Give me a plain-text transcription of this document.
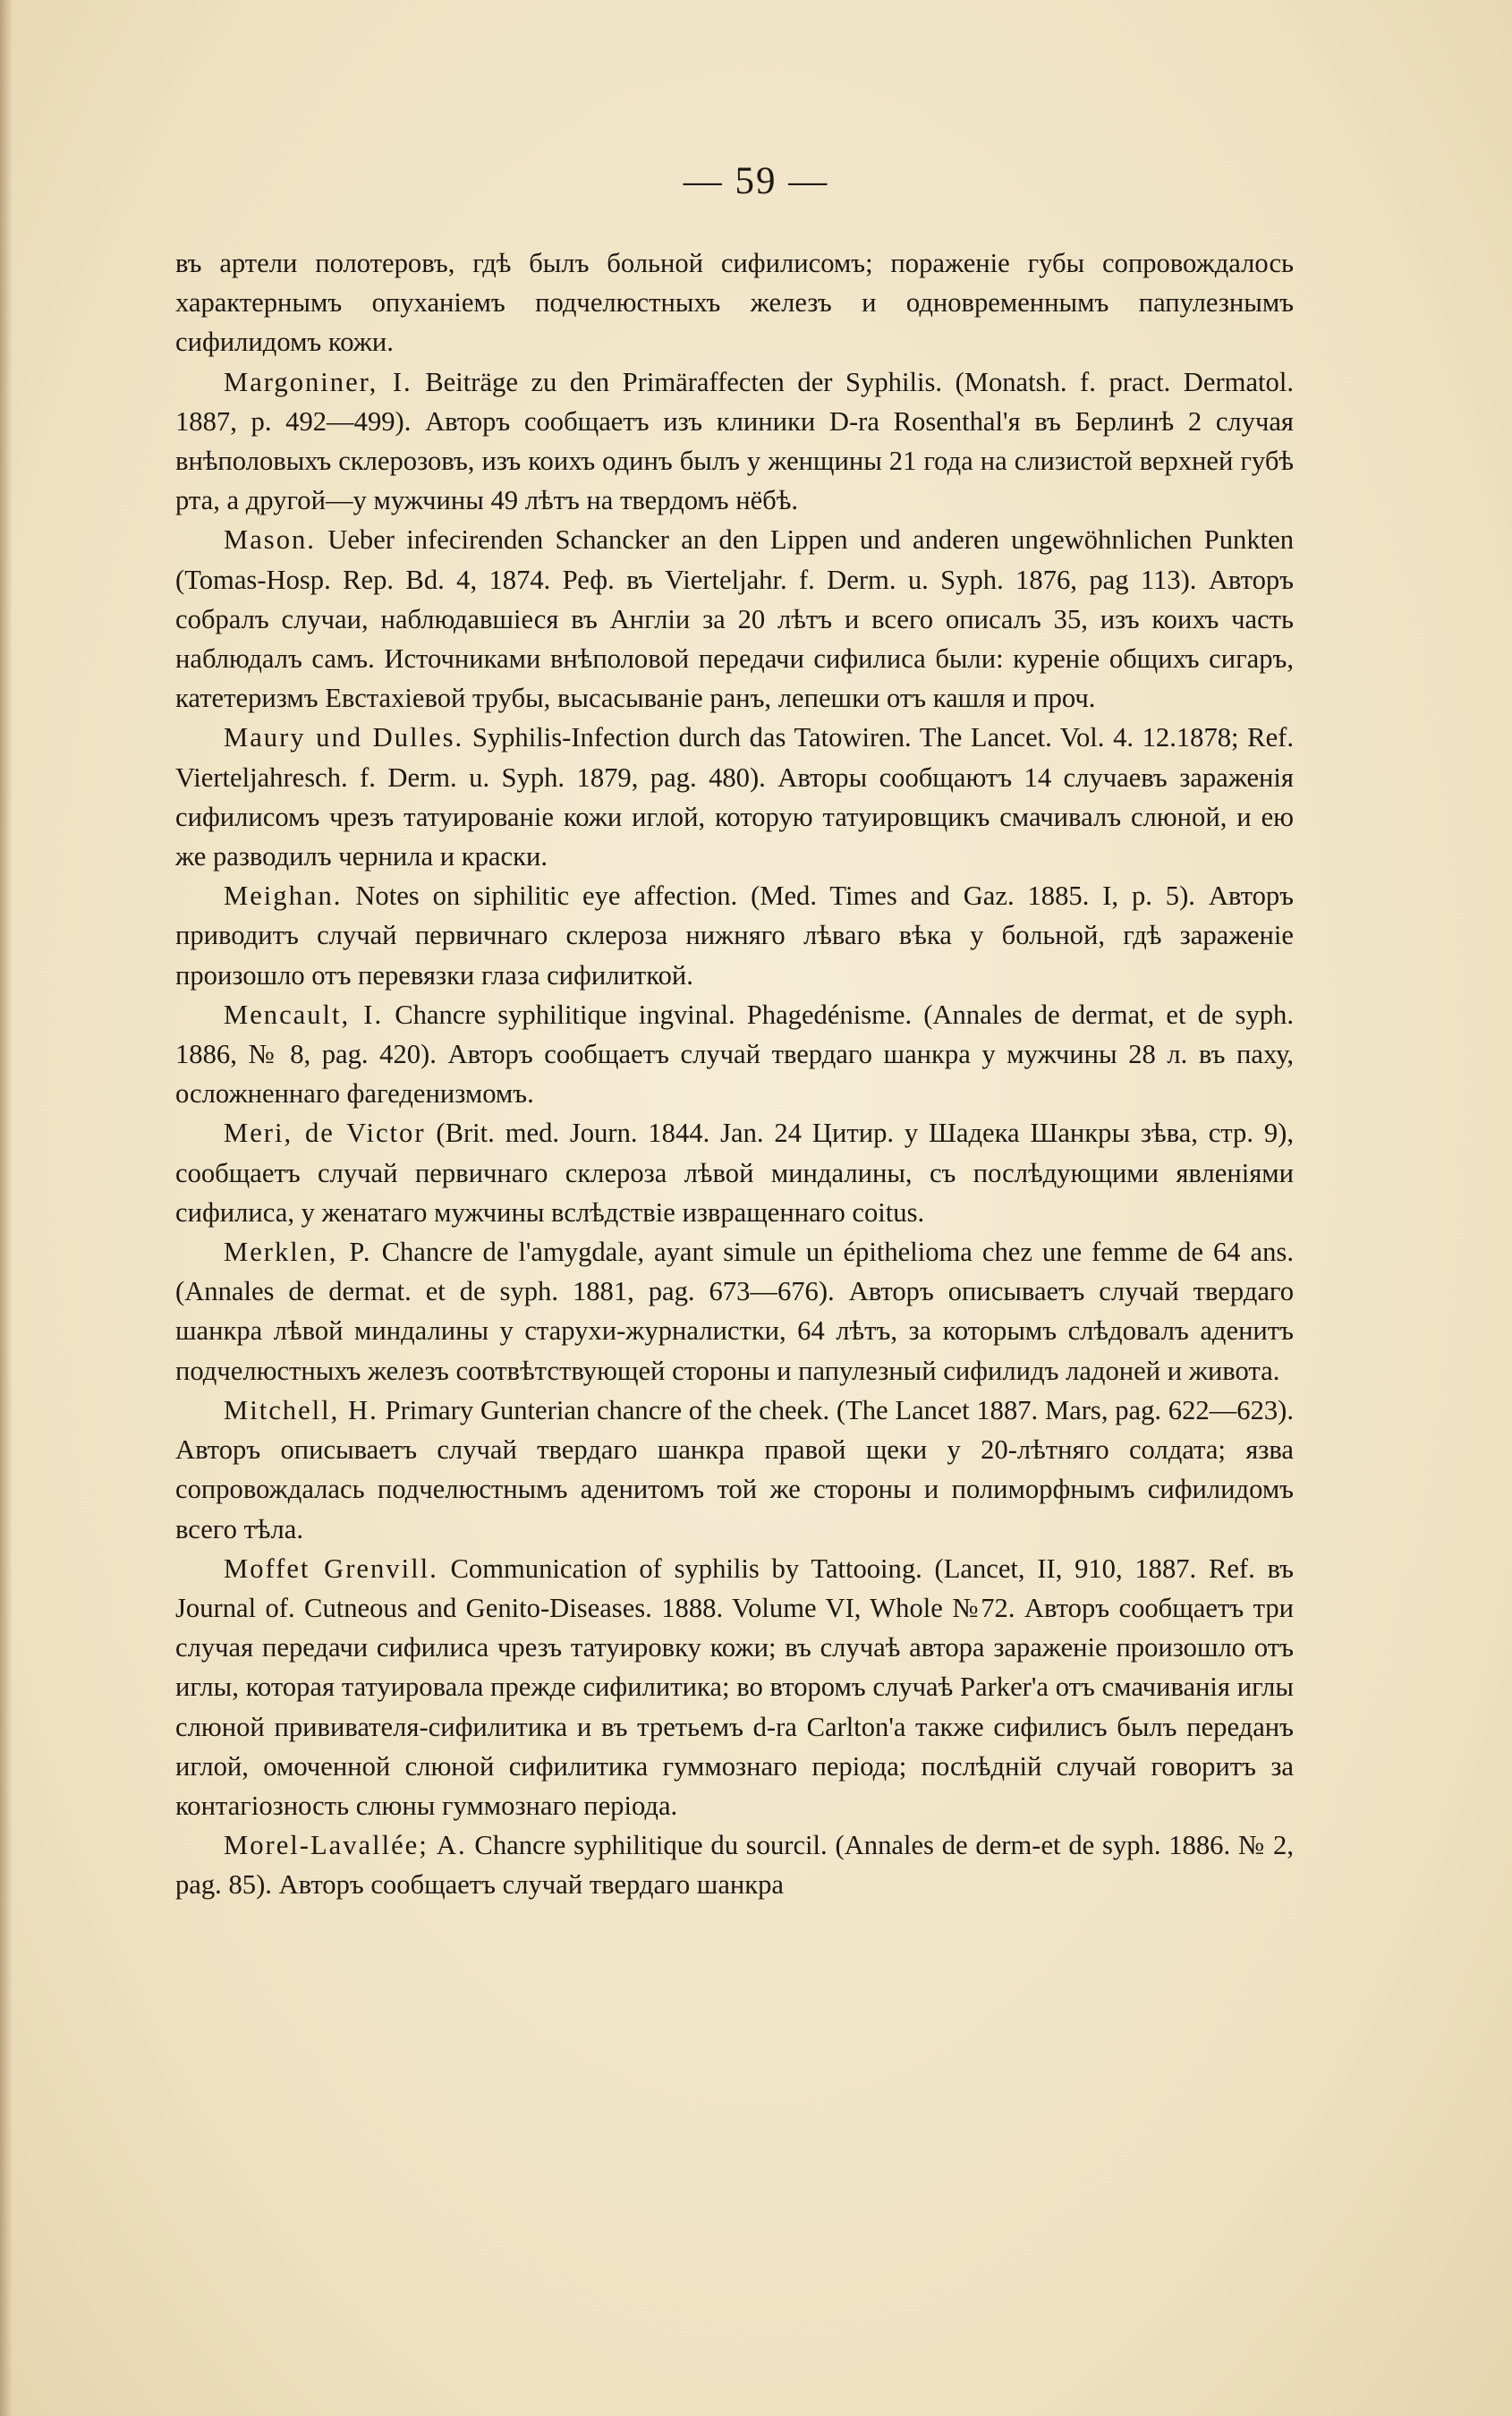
— 59 —

въ артели полотеровъ, гдѣ былъ больной сифилисомъ; пораженіе губы сопровождалось характернымъ опуханіемъ подчелюстныхъ железъ и одновременнымъ папулезнымъ сифилидомъ кожи.

Margoniner, I. Beiträge zu den Primäraffecten der Syphilis. (Monatsh. f. pract. Dermatol. 1887, p. 492—499). Авторъ сообщаетъ изъ клиники D-ra Rosenthal'я въ Берлинѣ 2 случая внѣполовыхъ склерозовъ, изъ коихъ одинъ былъ у женщины 21 года на слизистой верхней губѣ рта, а другой—у мужчины 49 лѣтъ на твердомъ нёбѣ.

Mason. Ueber infecirenden Schancker an den Lippen und anderen ungewöhnlichen Punkten (Tomas-Hosp. Rep. Bd. 4, 1874. Реф. въ Vierteljahr. f. Derm. u. Syph. 1876, pag 113). Авторъ собралъ случаи, наблюдавшіеся въ Англіи за 20 лѣтъ и всего описалъ 35, изъ коихъ часть наблюдалъ самъ. Источниками внѣполовой передачи сифилиса были: куреніе общихъ сигаръ, катетеризмъ Евстахіевой трубы, высасываніе ранъ, лепешки отъ кашля и проч.

Maury und Dulles. Syphilis-Infection durch das Tatowiren. The Lancet. Vol. 4. 12.1878; Ref. Vierteljahresch. f. Derm. u. Syph. 1879, pag. 480). Авторы сообщаютъ 14 случаевъ зараженія сифилисомъ чрезъ татуированіе кожи иглой, которую татуировщикъ смачивалъ слюной, и ею же разводилъ чернила и краски.

Meighan. Notes on siphilitic eye affection. (Med. Times and Gaz. 1885. I, p. 5). Авторъ приводитъ случай первичнаго склероза нижняго лѣваго вѣка у больной, гдѣ зараженіе произошло отъ перевязки глаза сифилиткой.

Mencault, I. Chancre syphilitique ingvinal. Phagedénisme. (Annales de dermat, et de syph. 1886, № 8, pag. 420). Авторъ сообщаетъ случай твердаго шанкра у мужчины 28 л. въ паху, осложненнаго фагеденизмомъ.

Meri, de Victor (Brit. med. Journ. 1844. Jan. 24 Цитир. у Шадека Шанкры зѣва, стр. 9), сообщаетъ случай первичнаго склероза лѣвой миндалины, съ послѣдующими явленіями сифилиса, у женатаго мужчины вслѣдствіе извращеннаго coitus.

Merklen, P. Chancre de l'amygdale, ayant simule un épithelioma chez une femme de 64 ans. (Annales de dermat. et de syph. 1881, pag. 673—676). Авторъ описываетъ случай твердаго шанкра лѣвой миндалины у старухи-журналистки, 64 лѣтъ, за которымъ слѣдовалъ аденитъ подчелюстныхъ железъ соотвѣтствующей стороны и папулезный сифилидъ ладоней и живота.

Mitchell, H. Primary Gunterian chancre of the cheek. (The Lancet 1887. Mars, pag. 622—623). Авторъ описываетъ случай твердаго шанкра правой щеки у 20-лѣтняго солдата; язва сопровождалась подчелюстнымъ аденитомъ той же стороны и полиморфнымъ сифилидомъ всего тѣла.

Moffet Grenvill. Communication of syphilis by Tattooing. (Lancet, II, 910, 1887. Ref. въ Journal of. Cutneous and Genito-Diseases. 1888. Volume VI, Whole №72. Авторъ сообщаетъ три случая передачи сифилиса чрезъ татуировку кожи; въ случаѣ автора зараженіе произошло отъ иглы, которая татуировала прежде сифилитика; во второмъ случаѣ Parker'а отъ смачиванія иглы слюной прививателя-сифилитика и въ третьемъ d-ra Carlton'а также сифилисъ былъ переданъ иглой, омоченной слюной сифилитика гуммознаго періода; послѣдній случай говоритъ за контагіозность слюны гуммознаго періода.

Morel-Lavallée; A. Chancre syphilitique du sourcil. (Annales de derm-et de syph. 1886. № 2, pag. 85). Авторъ сообщаетъ случай твердаго шанкра
